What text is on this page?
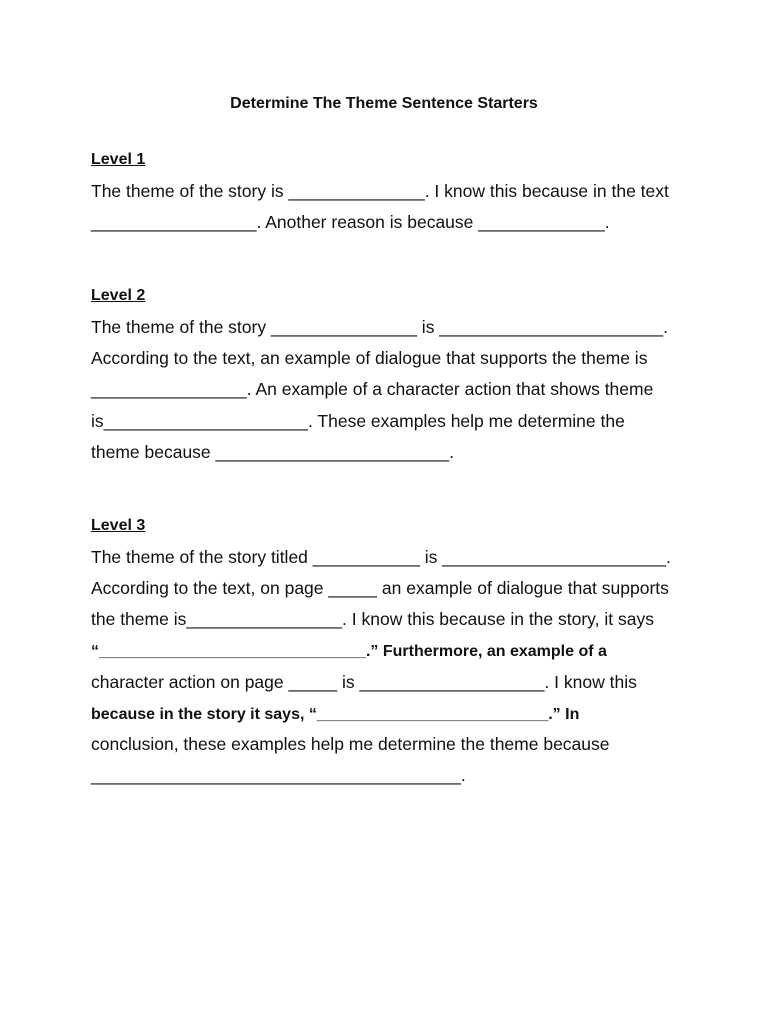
Determine The Theme Sentence Starters
Level 1
The theme of the story is ______________. I know this because in the text
_________________. Another reason is because _____________.
Level 2
The theme of the story _______________ is _______________________.
According to the text, an example of dialogue that supports the theme is
________________. An example of a character action that shows theme
is_____________________. These examples help me determine the
theme because ________________________.
Level 3
The theme of the story titled ___________ is _______________________.
According to the text, on page _____ an example of dialogue that supports
the theme is________________. I know this because in the story, it says
“______________________________.” Furthermore, an example of a
character action on page _____ is ___________________. I know this
because in the story it says, “__________________________.” In
conclusion, these examples help me determine the theme because
______________________________________.
